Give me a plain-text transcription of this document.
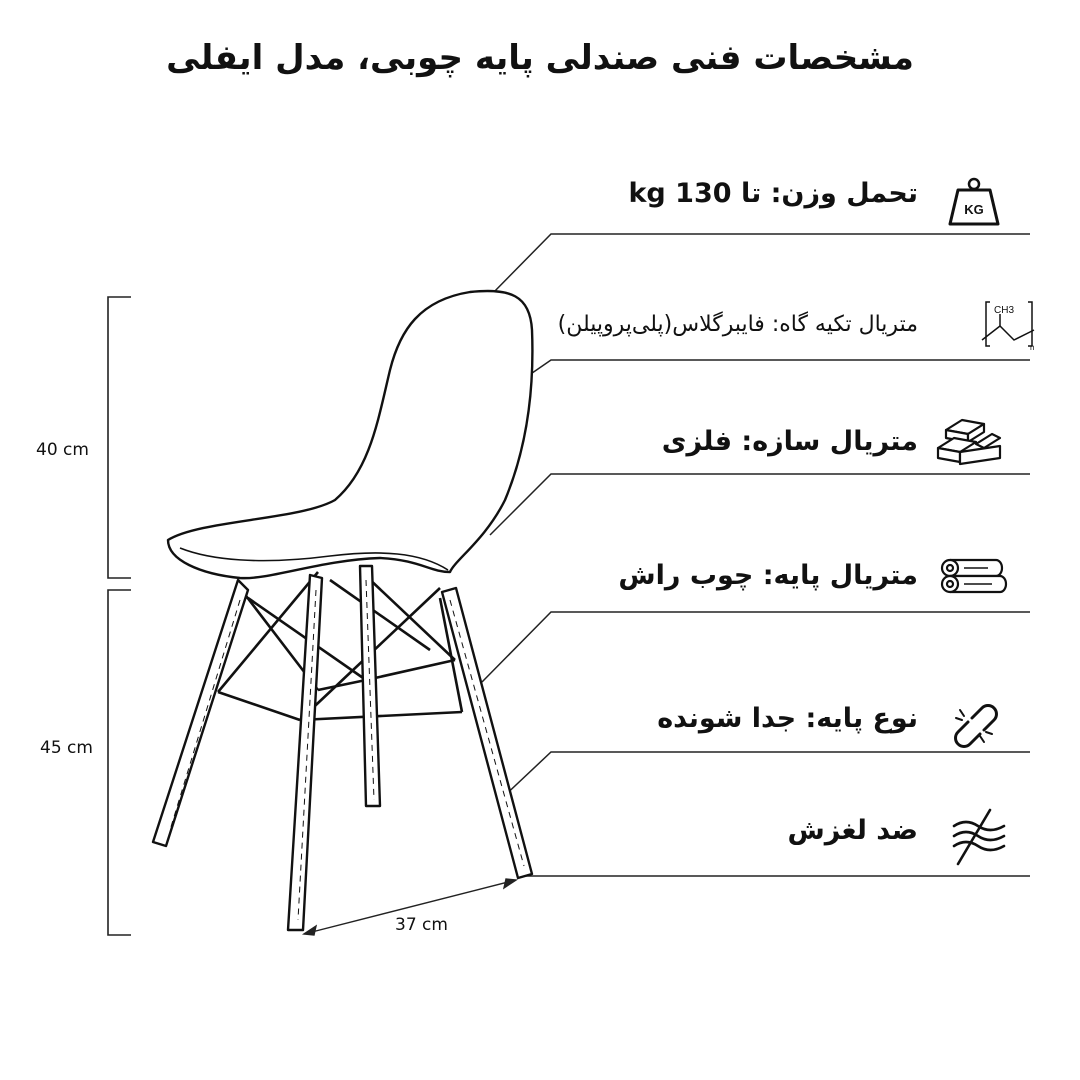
مشخصات فنی صندلی پایه چوبی، مدل ایفلی
تحمل وزن: تا 130 kg
متریال تکیه گاه: فایبرگلاس(پلی‌پروپیلن)
متریال سازه: فلزی
متریال پایه: چوب راش
نوع پایه: جدا شونده
ضد لغزش
40 cm
45 cm
37 cm
KG
CH3
n
